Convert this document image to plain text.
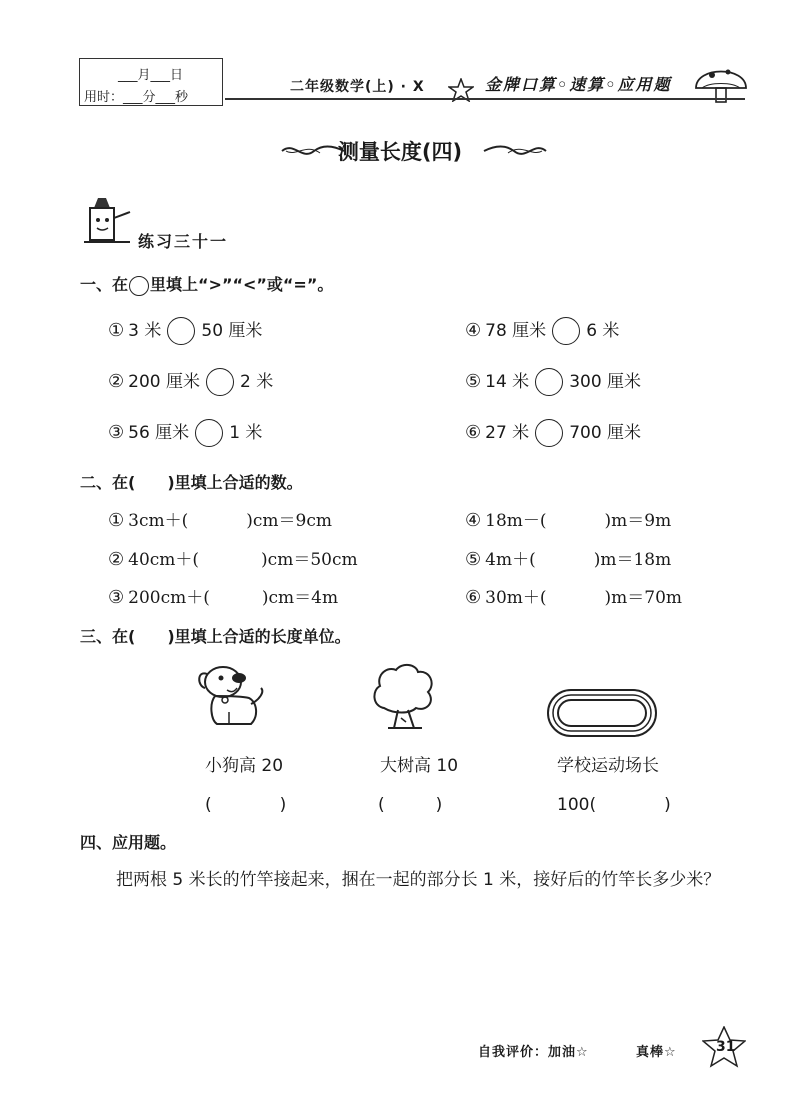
___月___日
用时：___分___秒
二年级数学(上) · X	金牌口算◦速算◦应用题
测量长度(四)
练习三十一
一、在 里填上“>”“<”或“=”。
① 3 米 50 厘米
② 200 厘米 2 米
③ 56 厘米 1 米
④ 78 厘米 6 米
⑤ 14 米 300 厘米
⑥ 27 米 700 厘米
二、在(　　)里填上合适的数。
① 3cm＋(	)cm＝9cm
② 40cm＋(	)cm＝50cm
③ 200cm＋(	)cm＝4m
④ 18m－(	)m＝9m
⑤ 4m＋(	)m＝18m
⑥ 30m＋(	)m＝70m
三、在(　　)里填上合适的长度单位。
小狗高 20	大树高 10	学校运动场长
(　　　　)	(　　　)	100(　　　　)
四、应用题。
把两根 5 米长的竹竿接起来，捆在一起的部分长 1 米，接好后的竹竿长多少米？
自我评价：加油☆	真棒☆	31
